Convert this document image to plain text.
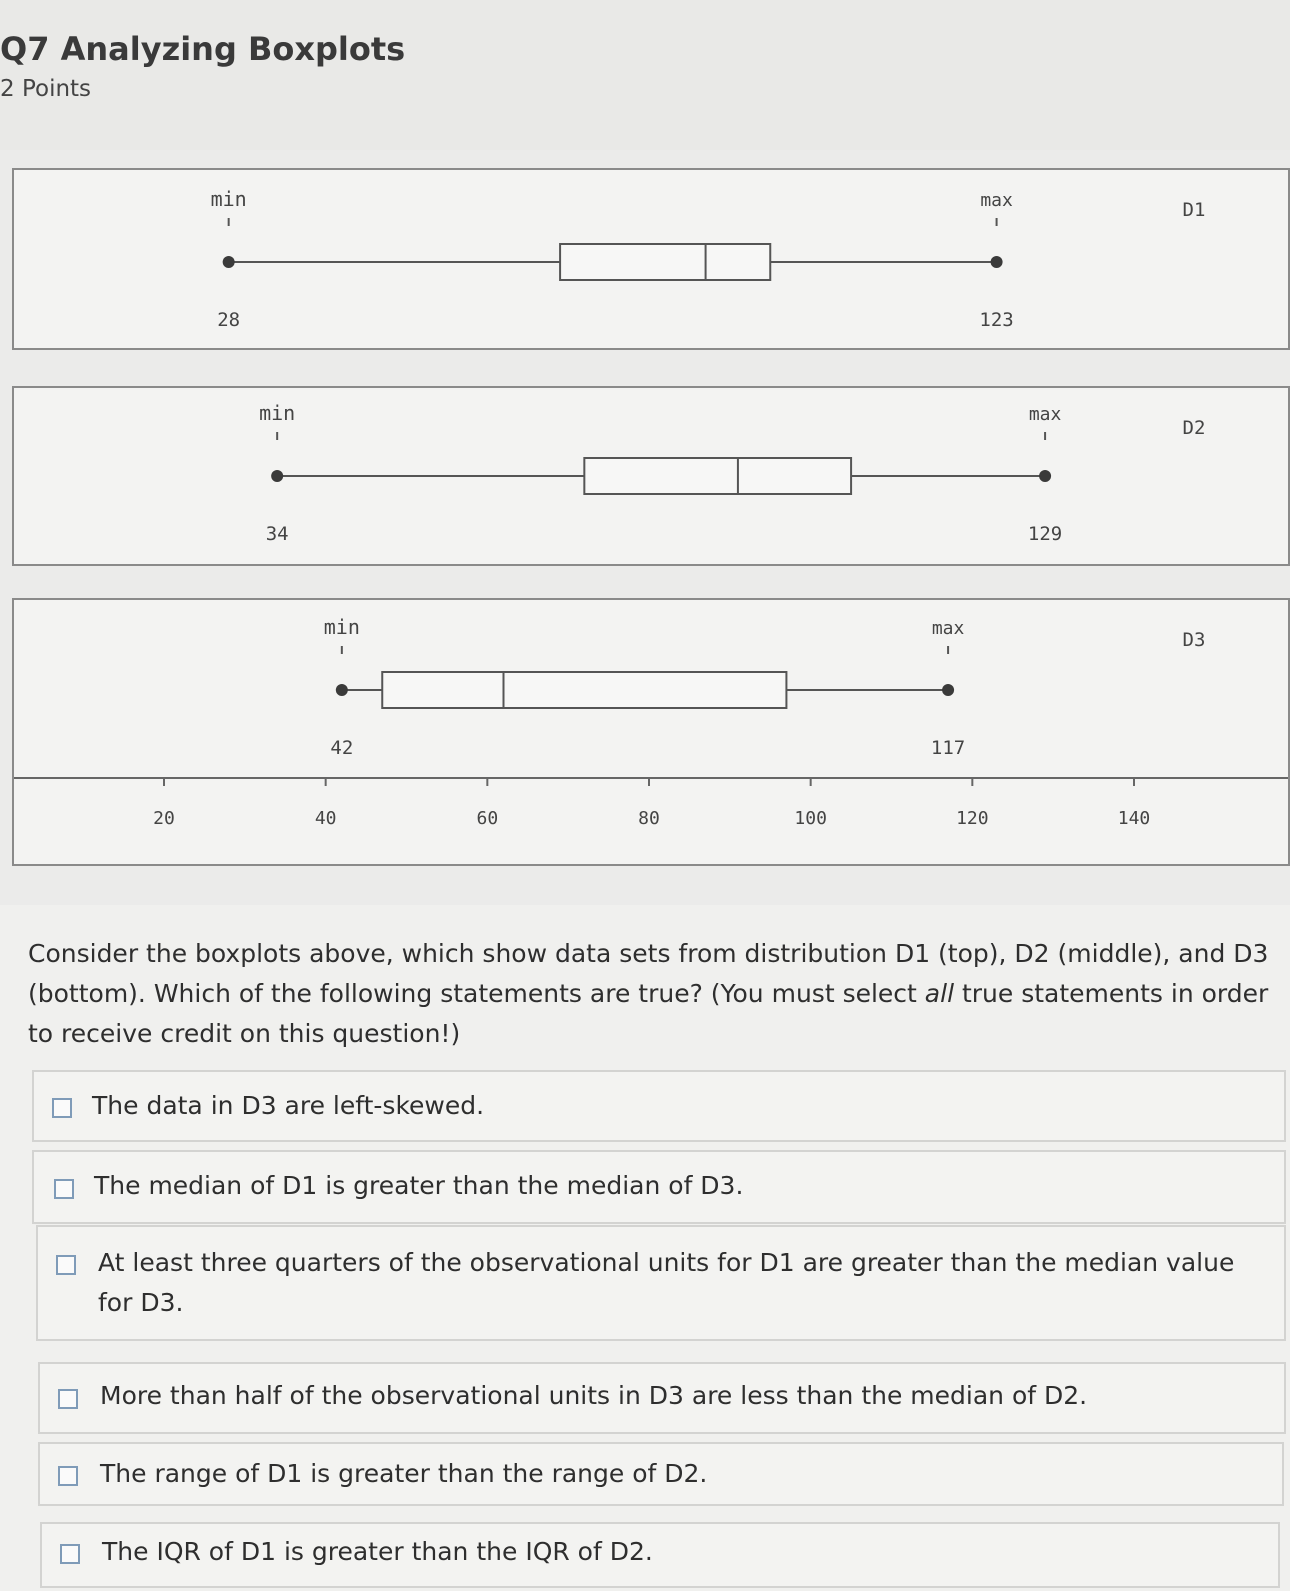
Q7 Analyzing Boxplots
2 Points
min	max
28	123
D1
min	max
34	129
D2
min	max
42	117
D3
20	40	60	80	100	120	140
Consider the boxplots above, which show data sets from distribution D1 (top), D2 (middle), and D3 (bottom). Which of the following statements are true? (You must select all true statements in order to receive credit on this question!)
The data in D3 are left-skewed.
The median of D1 is greater than the median of D3.
At least three quarters of the observational units for D1 are greater than the median value for D3.
More than half of the observational units in D3 are less than the median of D2.
The range of D1 is greater than the range of D2.
The IQR of D1 is greater than the IQR of D2.
